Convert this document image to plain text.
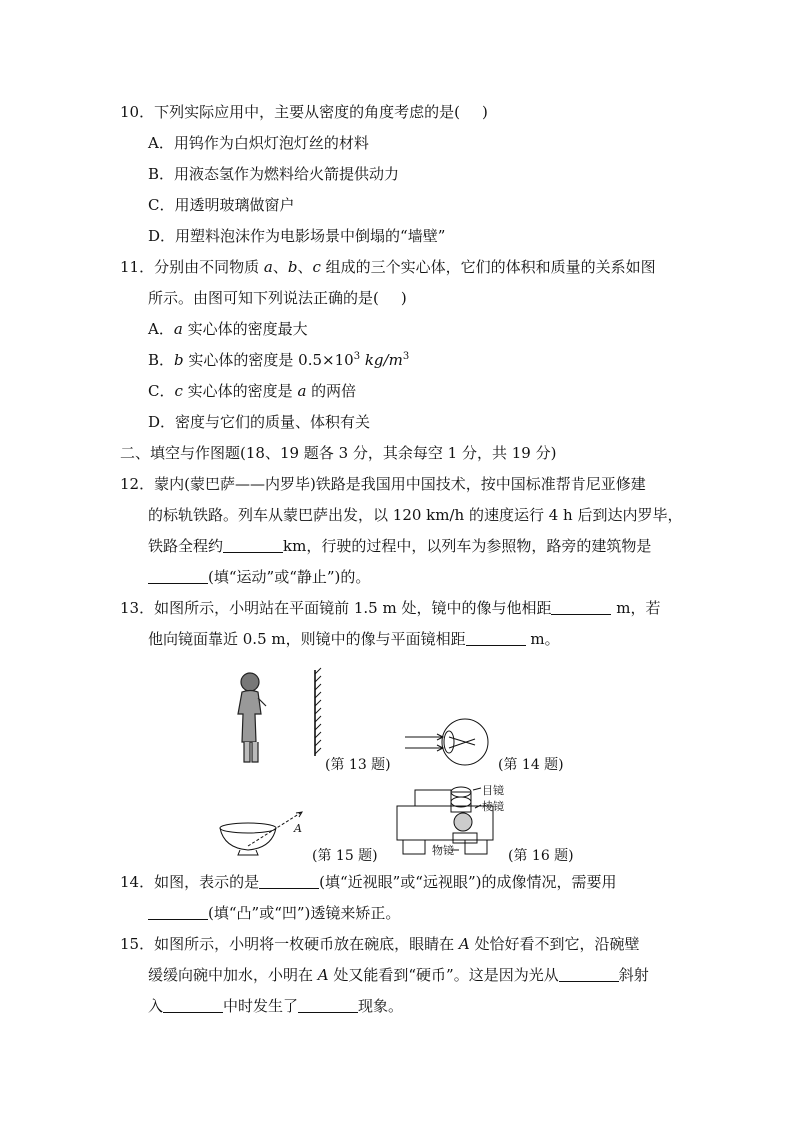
10．下列实际应用中，主要从密度的角度考虑的是( )
A．用钨作为白炽灯泡灯丝的材料
B．用液态氢作为燃料给火箭提供动力
C．用透明玻璃做窗户
D．用塑料泡沫作为电影场景中倒塌的“墙壁”
11．分别由不同物质 a、b、c 组成的三个实心体，它们的体积和质量的关系如图
所示。由图可知下列说法正确的是( )
A．a 实心体的密度最大
B．b 实心体的密度是 $0.5\times 10^3$ $kg/m^3$
C．c 实心体的密度是 a 的两倍
D．密度与它们的质量、体积有关
二、填空与作图题(18、19 题各 3 分，其余每空 1 分，共 19 分)
12．蒙内(蒙巴萨——内罗毕)铁路是我国用中国技术，按中国标准帮肯尼亚修建
的标轨铁路。列车从蒙巴萨出发，以 120 km/h 的速度运行 4 h 后到达内罗毕，
铁路全程约	km，行驶的过程中，以列车为参照物，路旁的建筑物是
(填“运动”或“静止”)的。
13．如图所示，小明站在平面镜前 1.5 m 处，镜中的像与他相距	m，若
他向镜面靠近 0.5 m，则镜中的像与平面镜相距	m。
(第 13 题)	(第 14 题)
目镜
棱镜
物镜	(第 16 题)
A
(第 15 题)
14．如图，表示的是	(填“近视眼”或“远视眼”)的成像情况，需要用
(填“凸”或“凹”)透镜来矫正。
15．如图所示，小明将一枚硬币放在碗底，眼睛在 A 处恰好看不到它，沿碗壁
缓缓向碗中加水，小明在 A 处又能看到“硬币”。这是因为光从	斜射
入	中时发生了	现象。
